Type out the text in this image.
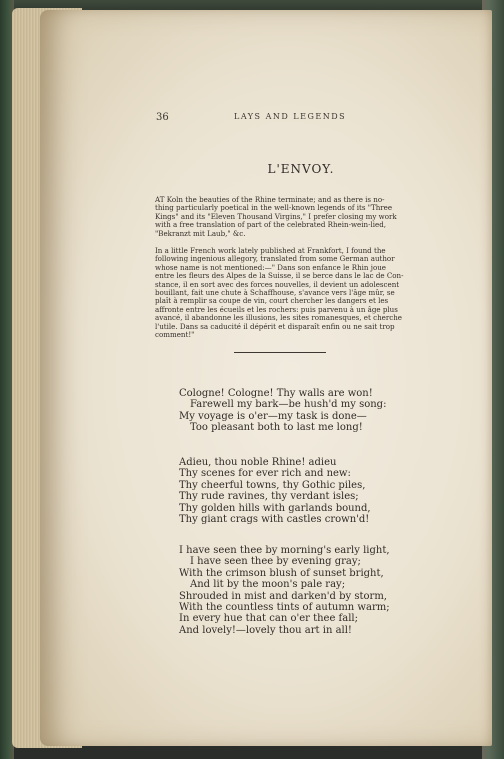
36	LAYS AND LEGENDS
L'ENVOY.
AT Koln the beauties of the Rhine terminate; and as there is no-
thing particularly poetical in the well-known legends of its "Three
Kings" and its "Eleven Thousand Virgins," I prefer closing my work
with a free translation of part of the celebrated Rhein-wein-lied,
"Bekranzt mit Laub," &c.
In a little French work lately published at Frankfort, I found the
following ingenious allegory, translated from some German author
whose name is not mentioned:—" Dans son enfance le Rhin joue
entre les fleurs des Alpes de la Suisse, il se berce dans le lac de Con-
stance, il en sort avec des forces nouvelles, il devient un adolescent
bouillant, fait une chute à Schaffhouse, s'avance vers l'âge mûr, se
plaît à remplir sa coupe de vin, court chercher les dangers et les
affronte entre les écueils et les rochers: puis parvenu à un âge plus
avancé, il abandonne les illusions, les sites romanesques, et cherche
l'utile. Dans sa caducité il dépérit et disparaît enfin ou ne sait trop
comment!"
Cologne! Cologne! Thy walls are won!
Farewell my bark—be hush'd my song:
My voyage is o'er—my task is done—
Too pleasant both to last me long!
Adieu, thou noble Rhine! adieu
Thy scenes for ever rich and new:
Thy cheerful towns, thy Gothic piles,
Thy rude ravines, thy verdant isles;
Thy golden hills with garlands bound,
Thy giant crags with castles crown'd!
I have seen thee by morning's early light,
I have seen thee by evening gray;
With the crimson blush of sunset bright,
And lit by the moon's pale ray;
Shrouded in mist and darken'd by storm,
With the countless tints of autumn warm;
In every hue that can o'er thee fall;
And lovely!—lovely thou art in all!
